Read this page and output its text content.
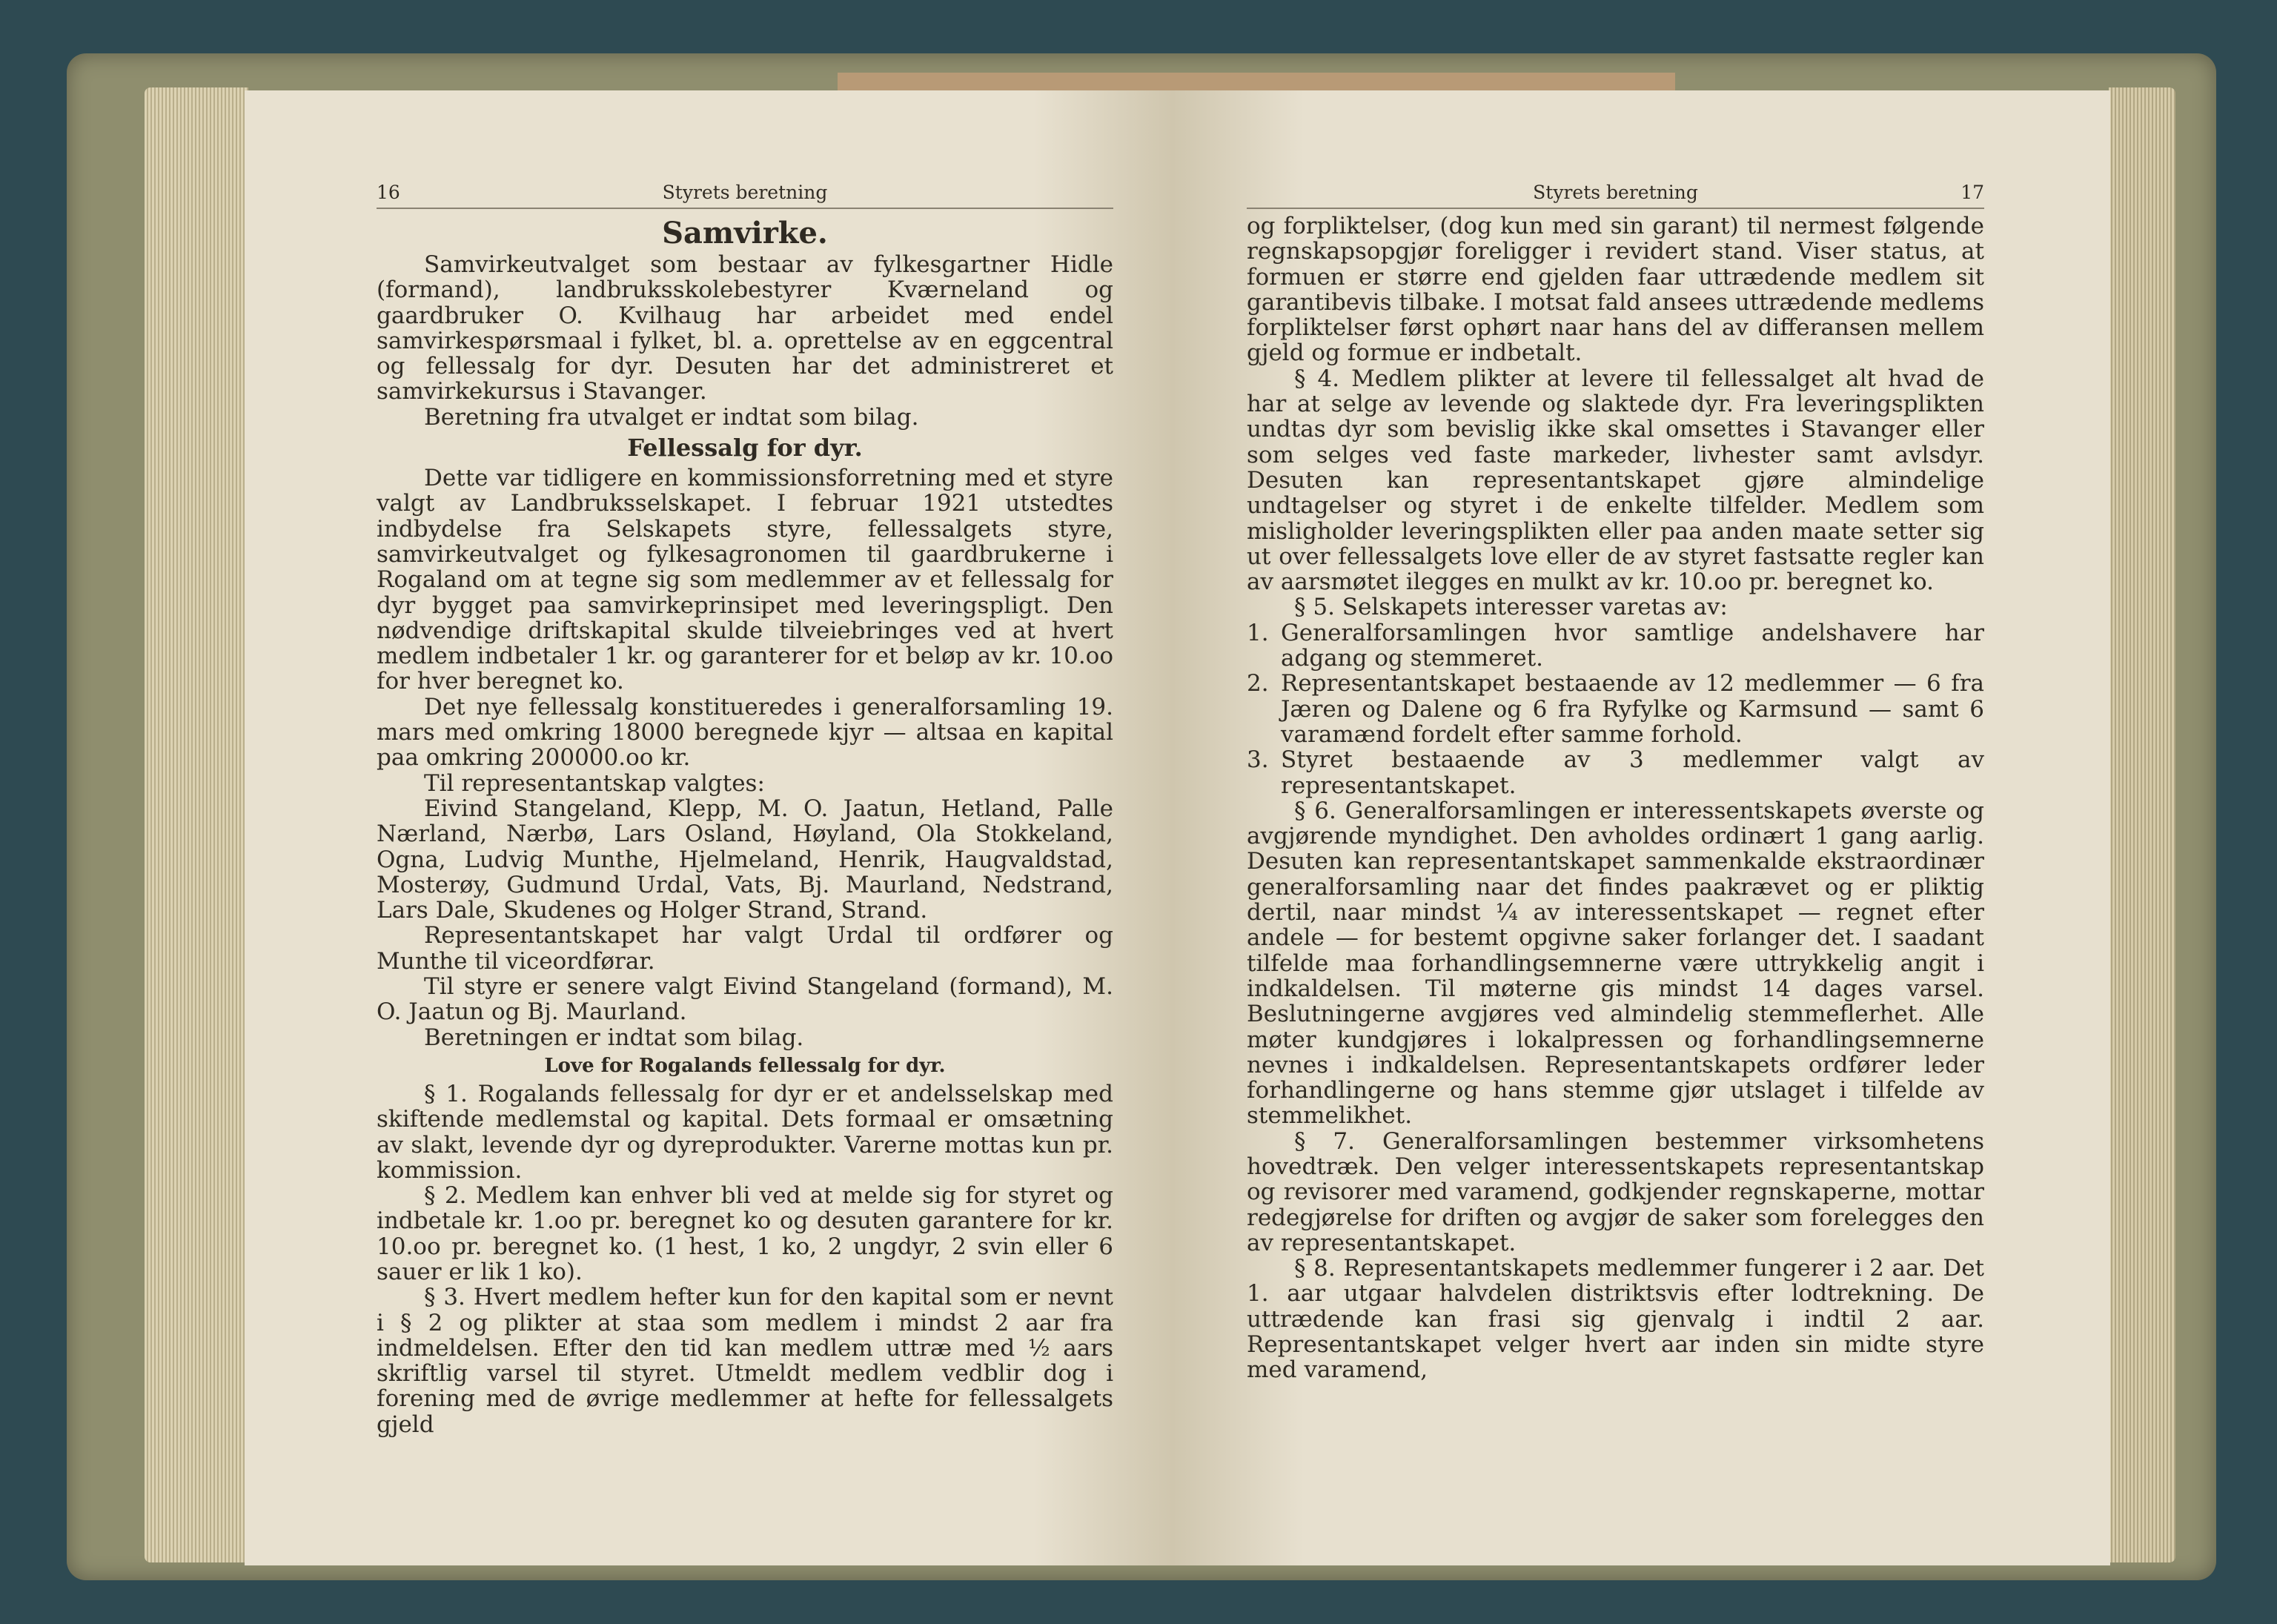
16	Styrets beretning
Samvirke.

Samvirkeutvalget som bestaar av fylkesgartner Hidle (formand), landbruksskolebestyrer Kværneland og gaardbruker O. Kvilhaug har arbeidet med endel samvirkespørsmaal i fylket, bl. a. oprettelse av en eggcentral og fellessalg for dyr. Desuten har det administreret et samvirkekursus i Stavanger.

Beretning fra utvalget er indtat som bilag.

Fellessalg for dyr.

Dette var tidligere en kommissionsforretning med et styre valgt av Landbruksselskapet. I februar 1921 utstedtes indbydelse fra Selskapets styre, fellessalgets styre, samvirkeutvalget og fylkesagronomen til gaardbrukerne i Rogaland om at tegne sig som medlemmer av et fellessalg for dyr bygget paa samvirkeprinsipet med leveringspligt. Den nødvendige driftskapital skulde tilveiebringes ved at hvert medlem indbetaler 1 kr. og garanterer for et beløp av kr. 10.oo for hver beregnet ko.

Det nye fellessalg konstitueredes i generalforsamling 19. mars med omkring 18000 beregnede kjyr — altsaa en kapital paa omkring 200000.oo kr.

Til representantskap valgtes:

Eivind Stangeland, Klepp, M. O. Jaatun, Hetland, Palle Nærland, Nærbø, Lars Osland, Høyland, Ola Stokkeland, Ogna, Ludvig Munthe, Hjelmeland, Henrik, Haugvaldstad, Mosterøy, Gudmund Urdal, Vats, Bj. Maurland, Nedstrand, Lars Dale, Skudenes og Holger Strand, Strand.

Representantskapet har valgt Urdal til ordfører og Munthe til viceordførar.

Til styre er senere valgt Eivind Stangeland (formand), M. O. Jaatun og Bj. Maurland.

Beretningen er indtat som bilag.

Love for Rogalands fellessalg for dyr.

§ 1. Rogalands fellessalg for dyr er et andelsselskap med skiftende medlemstal og kapital. Dets formaal er omsætning av slakt, levende dyr og dyreprodukter. Varerne mottas kun pr. kommission.

§ 2. Medlem kan enhver bli ved at melde sig for styret og indbetale kr. 1.oo pr. beregnet ko og desuten garantere for kr. 10.oo pr. beregnet ko. (1 hest, 1 ko, 2 ungdyr, 2 svin eller 6 sauer er lik 1 ko).

§ 3. Hvert medlem hefter kun for den kapital som er nevnt i § 2 og plikter at staa som medlem i mindst 2 aar fra indmeldelsen. Efter den tid kan medlem uttræ med ½ aars skriftlig varsel til styret. Utmeldt medlem vedblir dog i forening med de øvrige medlemmer at hefte for fellessalgets gjeld

Styrets beretning	17

og forpliktelser, (dog kun med sin garant) til nermest følgende regnskapsopgjør foreligger i revidert stand. Viser status, at formuen er større end gjelden faar uttrædende medlem sit garantibevis tilbake. I motsat fald ansees uttrædende medlems forpliktelser først ophørt naar hans del av differansen mellem gjeld og formue er indbetalt.

§ 4. Medlem plikter at levere til fellessalget alt hvad de har at selge av levende og slaktede dyr. Fra leveringsplikten undtas dyr som bevislig ikke skal omsettes i Stavanger eller som selges ved faste markeder, livhester samt avlsdyr. Desuten kan representantskapet gjøre almindelige undtagelser og styret i de enkelte tilfelder. Medlem som misligholder leveringsplikten eller paa anden maate setter sig ut over fellessalgets love eller de av styret fastsatte regler kan av aarsmøtet ilegges en mulkt av kr. 10.oo pr. beregnet ko.

§ 5. Selskapets interesser varetas av:

1. Generalforsamlingen hvor samtlige andelshavere har adgang og stemmeret.
2. Representantskapet bestaaende av 12 medlemmer — 6 fra Jæren og Dalene og 6 fra Ryfylke og Karmsund — samt 6 varamænd fordelt efter samme forhold.
3. Styret bestaaende av 3 medlemmer valgt av representantskapet.

§ 6. Generalforsamlingen er interessentskapets øverste og avgjørende myndighet. Den avholdes ordinært 1 gang aarlig. Desuten kan representantskapet sammenkalde ekstraordinær generalforsamling naar det findes paakrævet og er pliktig dertil, naar mindst ¼ av interessentskapet — regnet efter andele — for bestemt opgivne saker forlanger det. I saadant tilfelde maa forhandlingsemnerne være uttrykkelig angit i indkaldelsen. Til møterne gis mindst 14 dages varsel. Beslutningerne avgjøres ved almindelig stemmeflerhet. Alle møter kundgjøres i lokalpressen og forhandlingsemnerne nevnes i indkaldelsen. Representantskapets ordfører leder forhandlingerne og hans stemme gjør utslaget i tilfelde av stemmelikhet.

§ 7. Generalforsamlingen bestemmer virksomhetens hovedtræk. Den velger interessentskapets representantskap og revisorer med varamend, godkjender regnskaperne, mottar redegjørelse for driften og avgjør de saker som forelegges den av representantskapet.

§ 8. Representantskapets medlemmer fungerer i 2 aar. Det 1. aar utgaar halvdelen distriktsvis efter lodtrekning. De uttrædende kan frasi sig gjenvalg i indtil 2 aar. Representantskapet velger hvert aar inden sin midte styre med varamend,
